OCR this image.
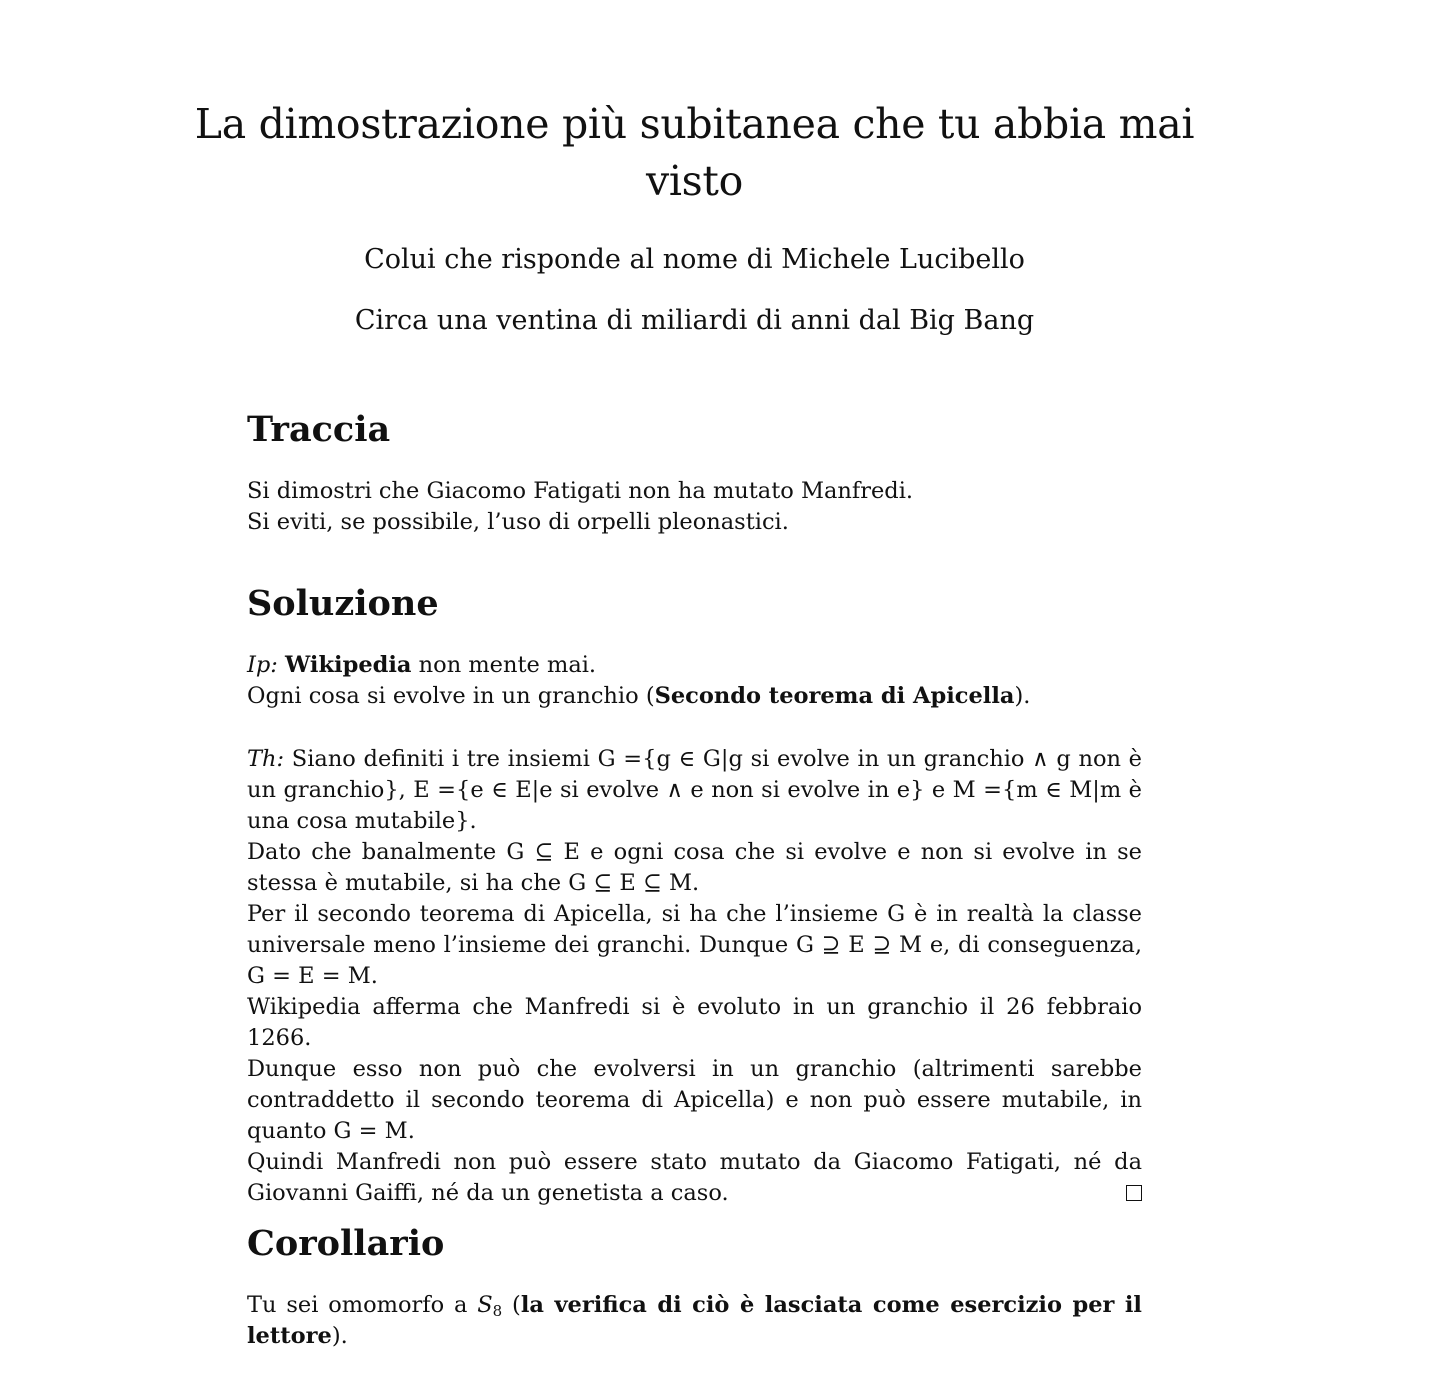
La dimostrazione più subitanea che tu abbia mai
visto

Colui che risponde al nome di Michele Lucibello

Circa una ventina di miliardi di anni dal Big Bang

Traccia

Si dimostri che Giacomo Fatigati non ha mutato Manfredi.
Si eviti, se possibile, l’uso di orpelli pleonastici.

Soluzione

Ip: Wikipedia non mente mai.
Ogni cosa si evolve in un granchio (Secondo teorema di Apicella).

Th: Siano definiti i tre insiemi G ={g ∈ G|g si evolve in un granchio ∧ g non è un granchio}, E ={e ∈ E|e si evolve ∧ e non si evolve in e} e M ={m ∈ M|m è una cosa mutabile}.
Dato che banalmente G ⊆ E e ogni cosa che si evolve e non si evolve in se stessa è mutabile, si ha che G ⊆ E ⊆ M.
Per il secondo teorema di Apicella, si ha che l’insieme G è in realtà la classe universale meno l’insieme dei granchi. Dunque G ⊇ E ⊇ M e, di conseguenza, G = E = M.
Wikipedia afferma che Manfredi si è evoluto in un granchio il 26 febbraio 1266.
Dunque esso non può che evolversi in un granchio (altrimenti sarebbe contraddetto il secondo teorema di Apicella) e non può essere mutabile, in quanto G = M.
Quindi Manfredi non può essere stato mutato da Giacomo Fatigati, né da Giovanni Gaiffi, né da un genetista a caso.
Corollario

Tu sei omomorfo a $S_8$ (la verifica di ciò è lasciata come esercizio per il lettore).
